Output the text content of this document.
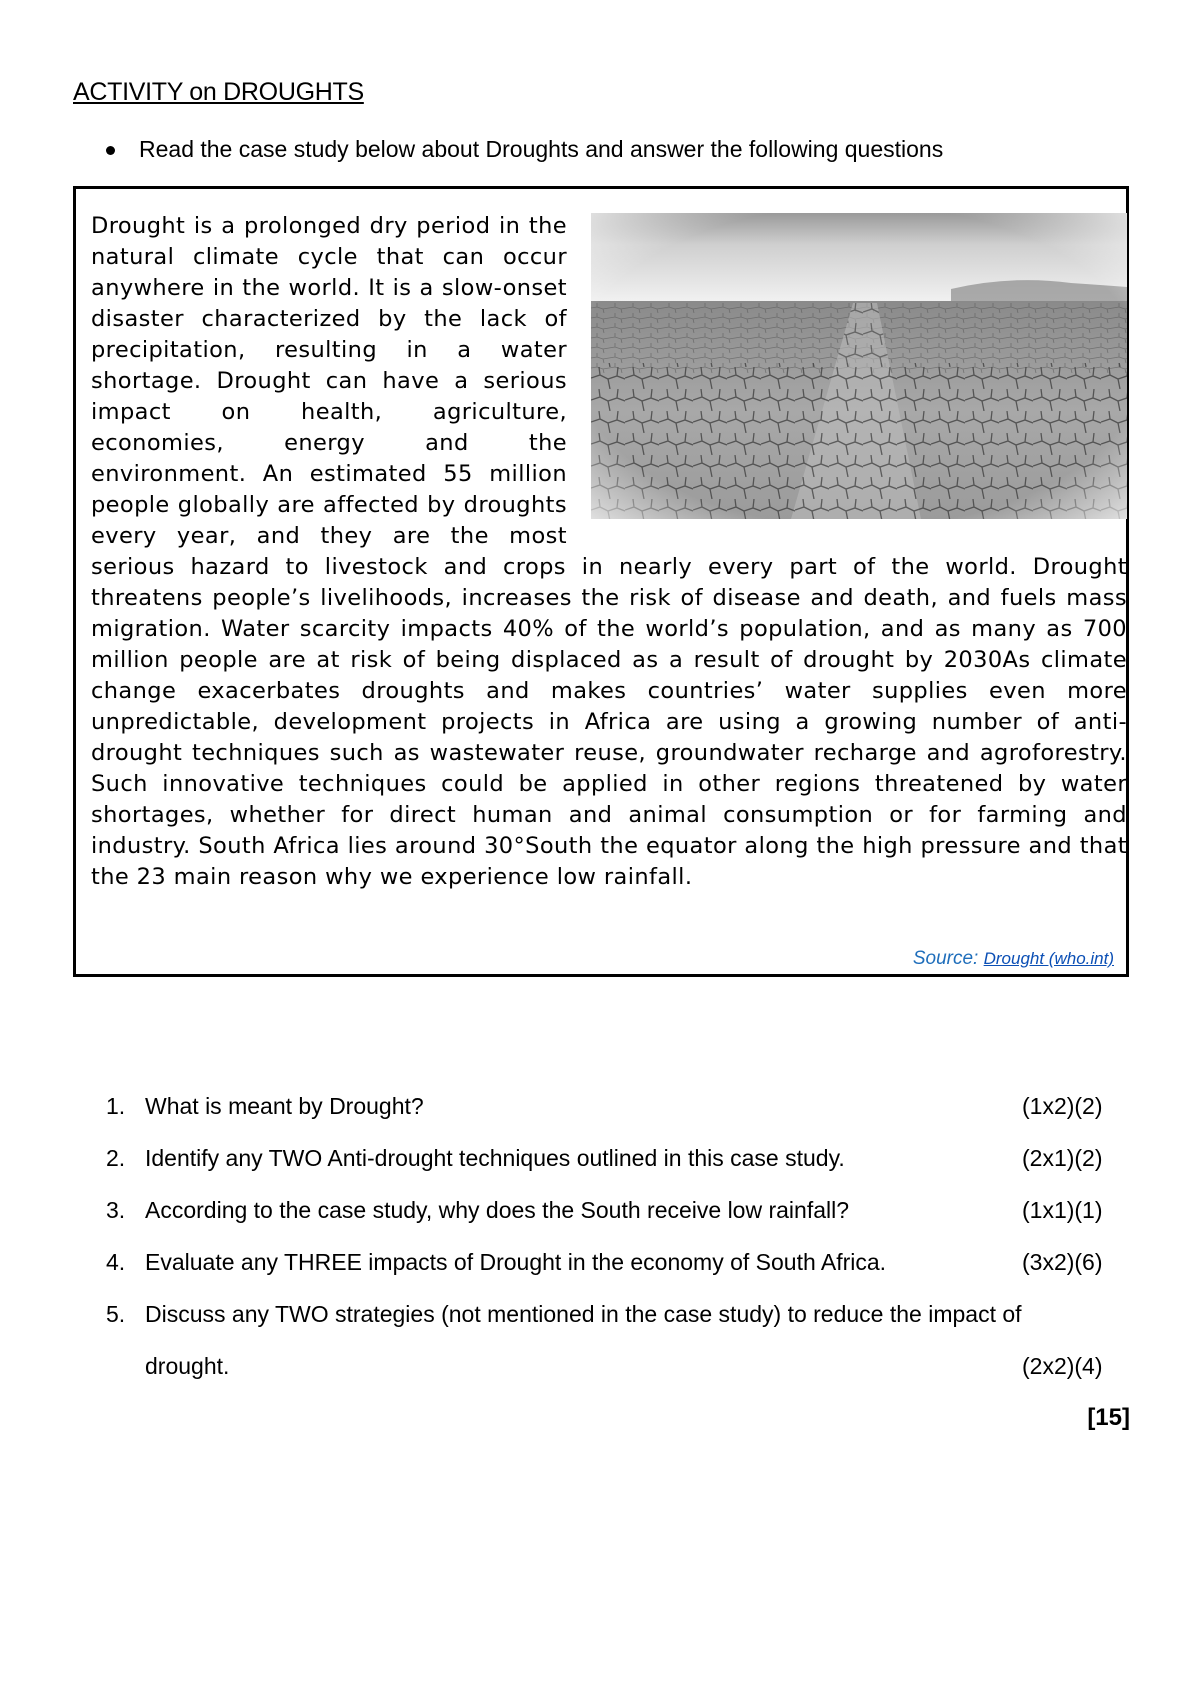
ACTIVITY on DROUGHTS
Read the case study below about Droughts and answer the following questions

Drought is a prolonged dry period in the natural climate cycle that can occur anywhere in the world. It is a slow-onset disaster characterized by the lack of precipitation, resulting in a water shortage. Drought can have a serious impact on health, agriculture, economies, energy and the environment. An estimated 55 million people globally are affected by droughts every year, and they are the most serious hazard to livestock and crops in nearly every part of the world. Drought threatens people’s livelihoods, increases the risk of disease and death, and fuels mass migration. Water scarcity impacts 40% of the world’s population, and as many as 700 million people are at risk of being displaced as a result of drought by 2030As climate change exacerbates droughts and makes countries’ water supplies even more unpredictable, development projects in Africa are using a growing number of anti-drought techniques such as wastewater reuse, groundwater recharge and agroforestry. Such innovative techniques could be applied in other regions threatened by water shortages, whether for direct human and animal consumption or for farming and industry. South Africa lies around 30°South the equator along the high pressure and that the 23 main reason why we experience low rainfall.

Source: Drought (who.int)
1. What is meant by Drought?	(1x2)(2)
2. Identify any TWO Anti-drought techniques outlined in this case study.	(2x1)(2)
3. According to the case study, why does the South receive low rainfall?	(1x1)(1)
4. Evaluate any THREE impacts of Drought in the economy of South Africa.	(3x2)(6)
5. Discuss any TWO strategies (not mentioned in the case study) to reduce the impact of
drought.	(2x2)(4)
[15]
